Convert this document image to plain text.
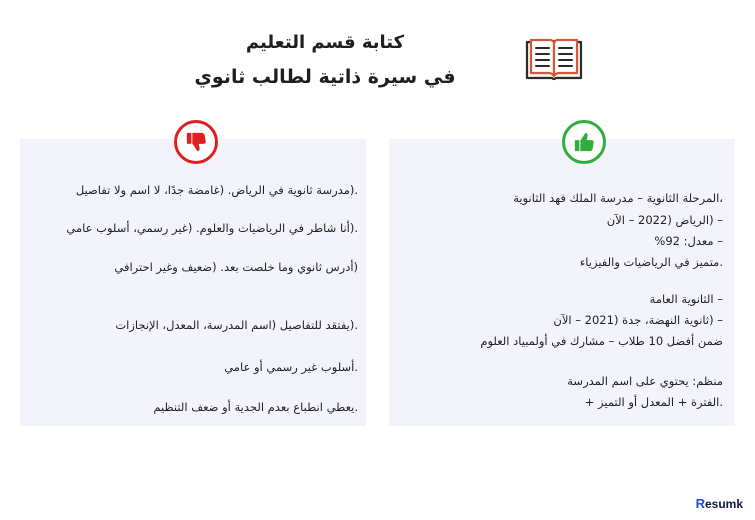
كتابة قسم التعليم
في سيرة ذاتية لطالب ثانوي
.(مدرسة ثانوية في الرياض. (غامضة جدًا، لا اسم ولا تفاصيل
.(أنا شاطر في الرياضيات والعلوم. (غير رسمي، أسلوب عامي
(أدرس ثانوي وما خلصت بعد. (ضعيف وغير احترافي
.(يفتقد للتفاصيل (اسم المدرسة، المعدل، الإنجازات
.أسلوب غير رسمي أو عامي
.يعطي انطباع بعدم الجدية أو ضعف التنظيم
،المرحلة الثانوية – مدرسة الملك فهد الثانوية
– (الرياض (2022 – الآن
– معدل: 92%
.متميز في الرياضيات والفيزياء
– الثانوية العامة
– (ثانوية النهضة، جدة (2021 – الآن
ضمن أفضل 10 طلاب – مشارك في أولمبياد العلوم
منظم: يحتوي على اسم المدرسة
.الفترة + المعدل أو التميز +
R esumk
